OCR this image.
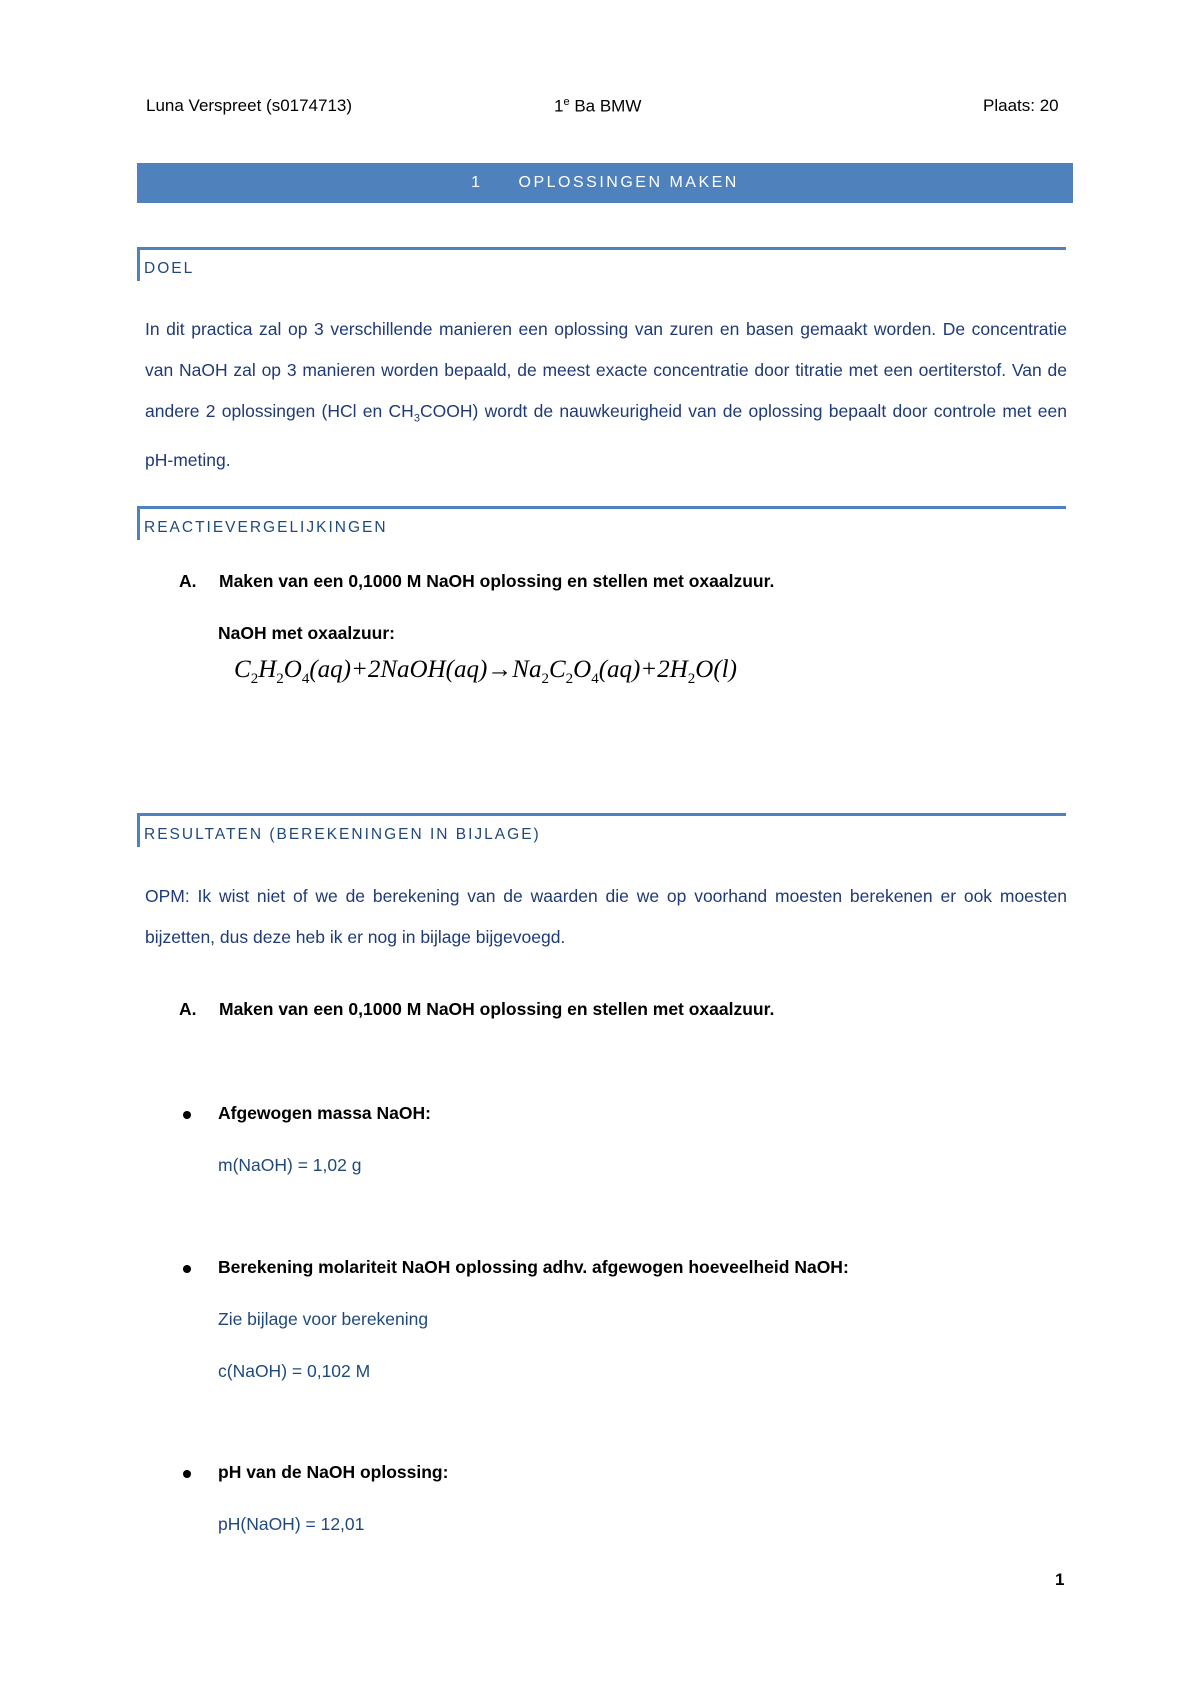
Luna Verspreet (s0174713)	1e Ba BMW	Plaats: 20
1 OPLOSSINGEN MAKEN
DOEL
In dit practica zal op 3 verschillende manieren een oplossing van zuren en basen gemaakt worden. De concentratie van NaOH zal op 3 manieren worden bepaald, de meest exacte concentratie door titratie met een oertiterstof. Van de andere 2 oplossingen (HCl en $CH_3COOH$) wordt de nauwkeurigheid van de oplossing bepaalt door controle met een pH-meting.
REACTIEVERGELIJKINGEN
A. Maken van een 0,1000 M NaOH oplossing en stellen met oxaalzuur.
NaOH met oxaalzuur:
$C_2H_2O_4(aq)+2NaOH(aq)\to Na_2C_2O_4(aq)+2H_2O(l)$
RESULTATEN (BEREKENINGEN IN BIJLAGE)
OPM: Ik wist niet of we de berekening van de waarden die we op voorhand moesten berekenen er ook moesten bijzetten, dus deze heb ik er nog in bijlage bijgevoegd.
A. Maken van een 0,1000 M NaOH oplossing en stellen met oxaalzuur.
Afgewogen massa NaOH:
m(NaOH) = 1,02 g
Berekening molariteit NaOH oplossing adhv. afgewogen hoeveelheid NaOH:
Zie bijlage voor berekening
c(NaOH) = 0,102 M
pH van de NaOH oplossing:
pH(NaOH) = 12,01
1
